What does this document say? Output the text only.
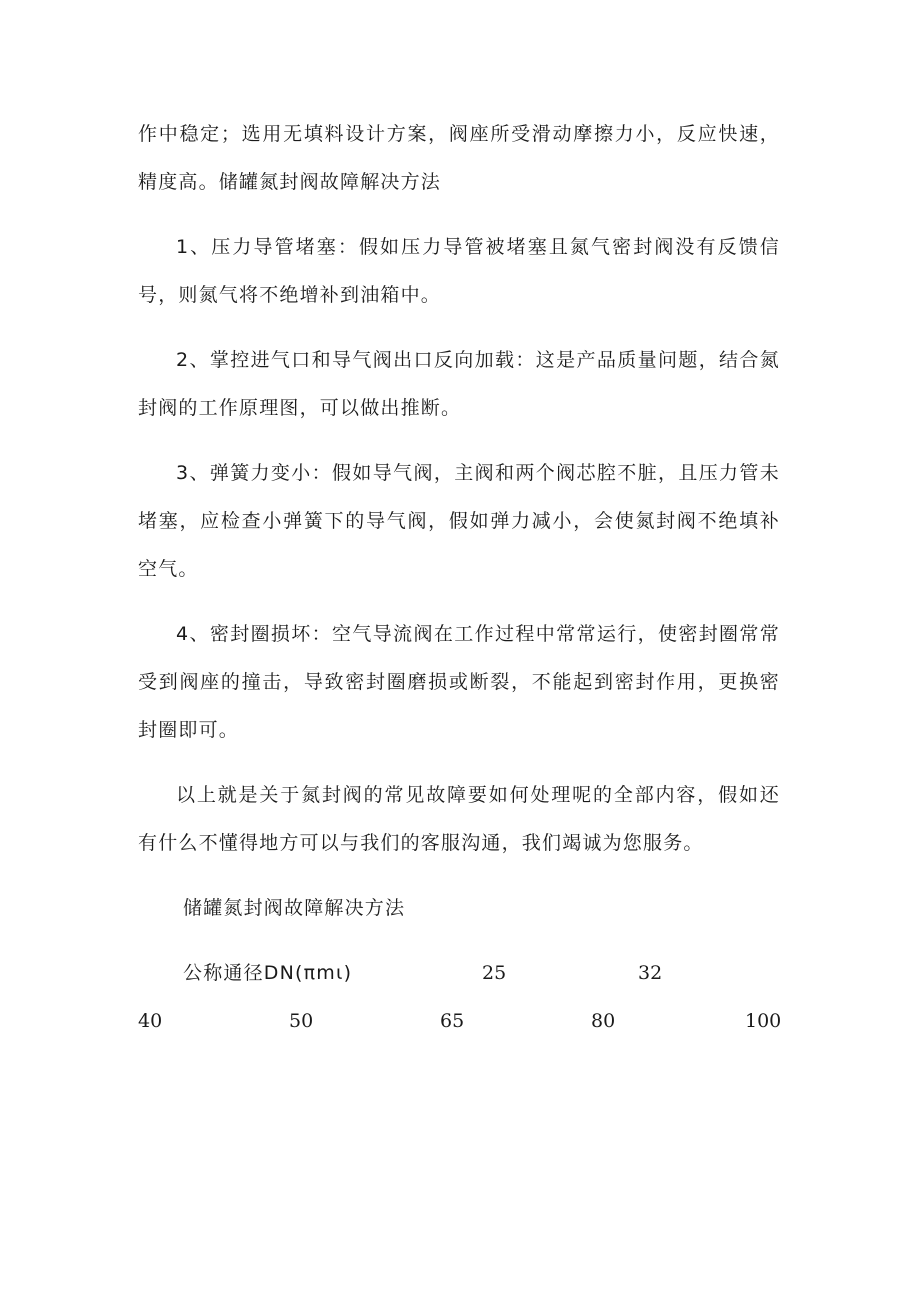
作中稳定；选用无填料设计方案，阀座所受滑动摩擦力小，反应快速，精度高。储罐氮封阀故障解决方法

1、压力导管堵塞：假如压力导管被堵塞且氮气密封阀没有反馈信号，则氮气将不绝增补到油箱中。

2、掌控进气口和导气阀出口反向加载：这是产品质量问题，结合氮封阀的工作原理图，可以做出推断。

3、弹簧力变小：假如导气阀，主阀和两个阀芯腔不脏，且压力管未堵塞，应检查小弹簧下的导气阀，假如弹力减小，会使氮封阀不绝填补空气。

4、密封圈损坏：空气导流阀在工作过程中常常运行，使密封圈常常受到阀座的撞击，导致密封圈磨损或断裂，不能起到密封作用，更换密封圈即可。

以上就是关于氮封阀的常见故障要如何处理呢的全部内容，假如还有什么不懂得地方可以与我们的客服沟通，我们竭诚为您服务。

储罐氮封阀故障解决方法

公称通径DN(πmι)	25	32
40	50	65	80	100
